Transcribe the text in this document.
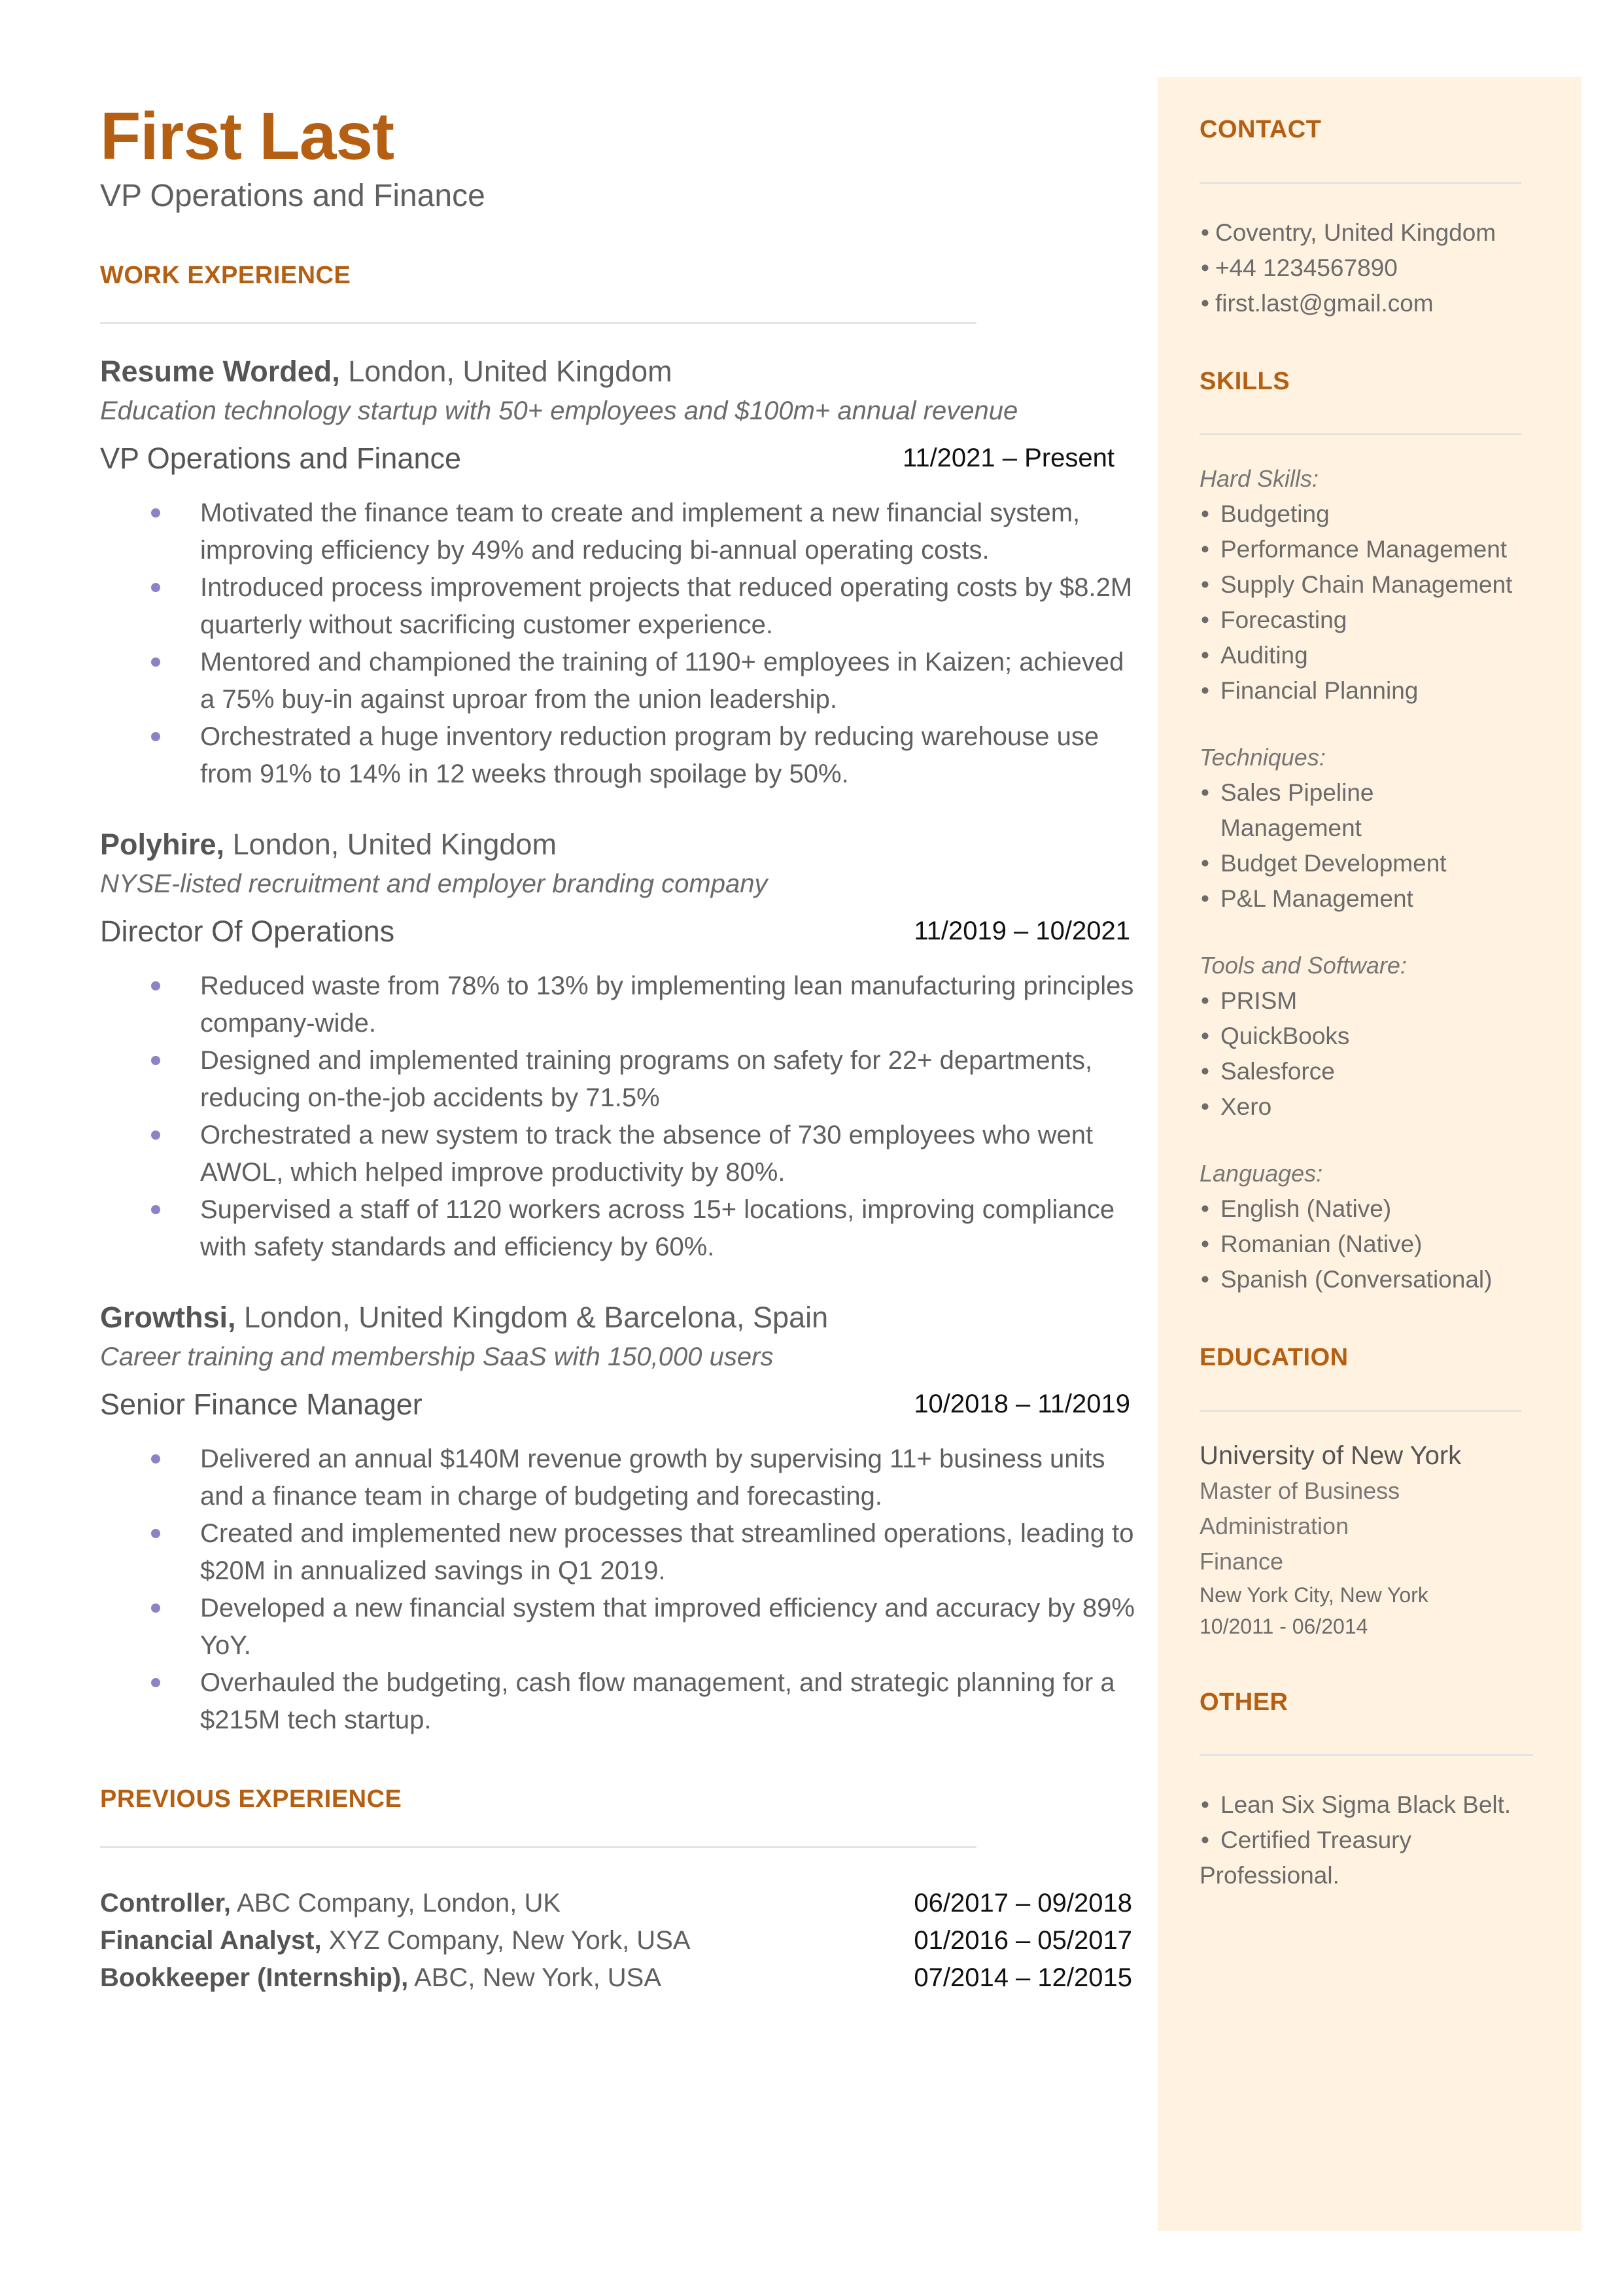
First Last
VP Operations and Finance
WORK EXPERIENCE
Resume Worded, London, United Kingdom
Education technology startup with 50+ employees and $100m+ annual revenue
VP Operations and Finance	11/2021 – Present
Motivated the finance team to create and implement a new financial system, improving efficiency by 49% and reducing bi-annual operating costs.
Introduced process improvement projects that reduced operating costs by $8.2M quarterly without sacrificing customer experience.
Mentored and championed the training of 1190+ employees in Kaizen; achieved a 75% buy-in against uproar from the union leadership.
Orchestrated a huge inventory reduction program by reducing warehouse use from 91% to 14% in 12 weeks through spoilage by 50%.
Polyhire, London, United Kingdom
NYSE-listed recruitment and employer branding company
Director Of Operations	11/2019 – 10/2021
Reduced waste from 78% to 13% by implementing lean manufacturing principles company-wide.
Designed and implemented training programs on safety for 22+ departments, reducing on-the-job accidents by 71.5%
Orchestrated a new system to track the absence of 730 employees who went AWOL, which helped improve productivity by 80%.
Supervised a staff of 1120 workers across 15+ locations, improving compliance with safety standards and efficiency by 60%.
Growthsi, London, United Kingdom & Barcelona, Spain
Career training and membership SaaS with 150,000 users
Senior Finance Manager	10/2018 – 11/2019
Delivered an annual $140M revenue growth by supervising 11+ business units and a finance team in charge of budgeting and forecasting.
Created and implemented new processes that streamlined operations, leading to $20M in annualized savings in Q1 2019.
Developed a new financial system that improved efficiency and accuracy by 89% YoY.
Overhauled the budgeting, cash flow management, and strategic planning for a $215M tech startup.
PREVIOUS EXPERIENCE
Controller, ABC Company, London, UK	06/2017 – 09/2018
Financial Analyst, XYZ Company, New York, USA	01/2016 – 05/2017
Bookkeeper (Internship), ABC, New York, USA	07/2014 – 12/2015
CONTACT
• Coventry, United Kingdom
• +44 1234567890
• first.last@gmail.com
SKILLS
Hard Skills:
• Budgeting
• Performance Management
• Supply Chain Management
• Forecasting
• Auditing
• Financial Planning
Techniques:
• Sales Pipeline Management
• Budget Development
• P&L Management
Tools and Software:
• PRISM
• QuickBooks
• Salesforce
• Xero
Languages:
• English (Native)
• Romanian (Native)
• Spanish (Conversational)
EDUCATION
University of New York
Master of Business
Administration
Finance
New York City, New York
10/2011 - 06/2014
OTHER
• Lean Six Sigma Black Belt.
• Certified Treasury
Professional.
